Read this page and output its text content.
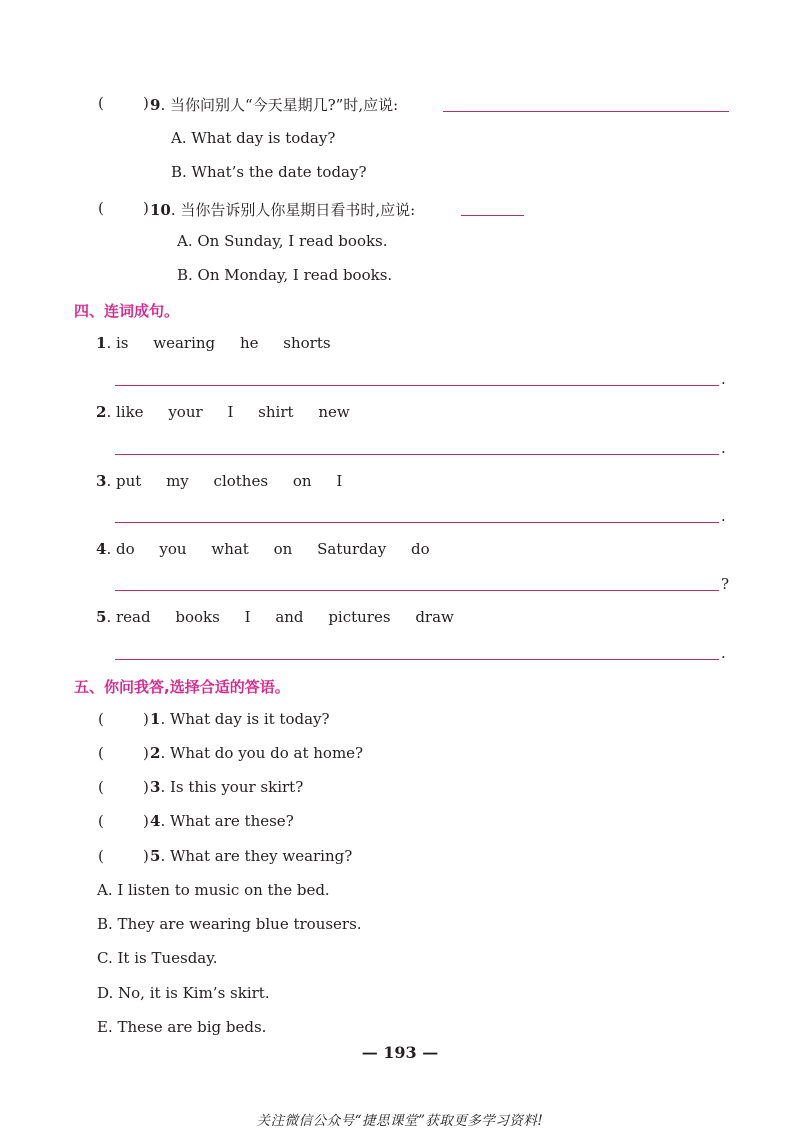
(	) 9. 当你问别人“今天星期几?”时,应说:
A. What day is today?
B. What’s the date today?
(	) 10. 当你告诉别人你星期日看书时,应说:
A. On Sunday, I read books.
B. On Monday, I read books.
四、连词成句。
1. is wearing he shorts
.
2. like your I shirt new
.
3. put my clothes on I
.
4. do you what on Saturday do
?
5. read books I and pictures draw
.
五、你问我答,选择合适的答语。
(	) 1. What day is it today?
(	) 2. What do you do at home?
(	) 3. Is this your skirt?
(	) 4. What are these?
(	) 5. What are they wearing?
A. I listen to music on the bed.
B. They are wearing blue trousers.
C. It is Tuesday.
D. No, it is Kim’s skirt.
E. These are big beds.
— 193 —
关注微信公众号“捷思课堂”获取更多学习资料!
